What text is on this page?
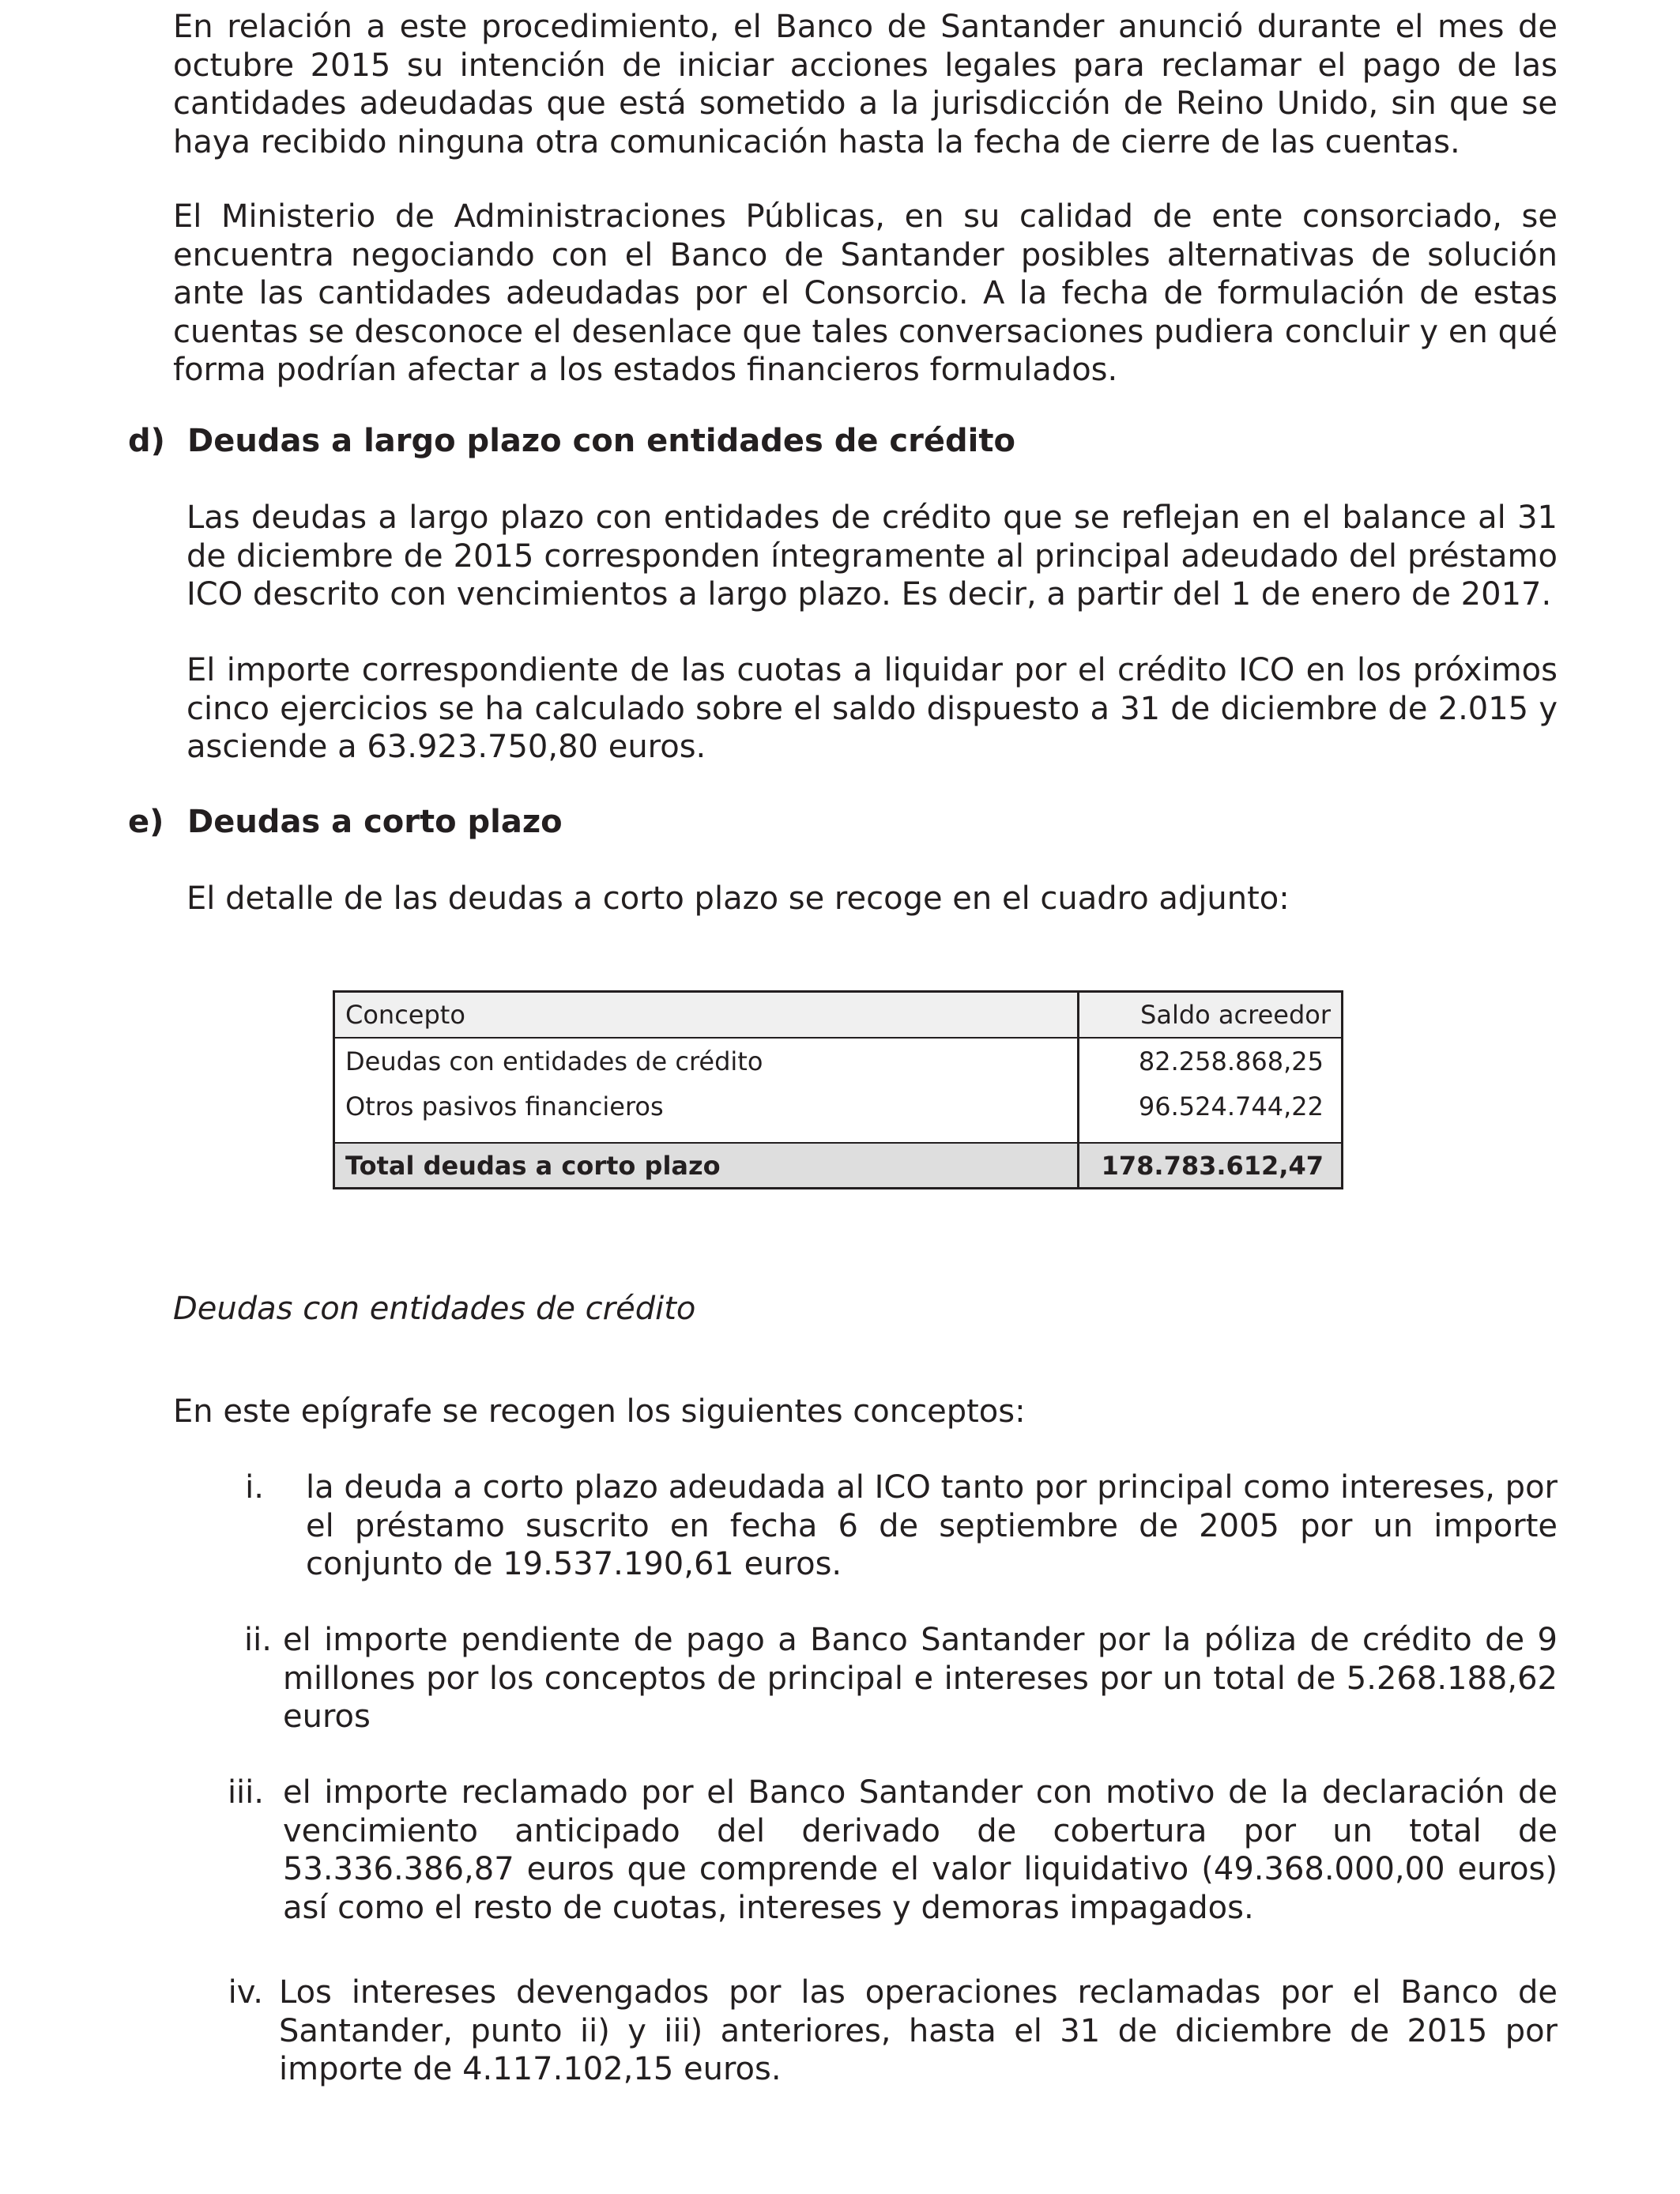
En relación a este procedimiento, el Banco de Santander anunció durante el mes de octubre 2015 su intención de iniciar acciones legales para reclamar el pago de las cantidades adeudadas que está sometido a la jurisdicción de Reino Unido, sin que se haya recibido ninguna otra comunicación hasta la fecha de cierre de las cuentas.

El Ministerio de Administraciones Públicas, en su calidad de ente consorciado, se encuentra negociando con el Banco de Santander posibles alternativas de solución ante las cantidades adeudadas por el Consorcio. A la fecha de formulación de estas cuentas se desconoce el desenlace que tales conversaciones pudiera concluir y en qué forma podrían afectar a los estados financieros formulados.

d) Deudas a largo plazo con entidades de crédito

Las deudas a largo plazo con entidades de crédito que se reflejan en el balance al 31 de diciembre de 2015 corresponden íntegramente al principal adeudado del préstamo ICO descrito con vencimientos a largo plazo. Es decir, a partir del 1 de enero de 2017.

El importe correspondiente de las cuotas a liquidar por el crédito ICO en los próximos cinco ejercicios se ha calculado sobre el saldo dispuesto a 31 de diciembre de 2.015 y asciende a 63.923.750,80 euros.

e) Deudas a corto plazo

El detalle de las deudas a corto plazo se recoge en el cuadro adjunto:

Concepto	Saldo acreedor
Deudas con entidades de crédito	82.258.868,25
Otros pasivos financieros	96.524.744,22
Total deudas a corto plazo	178.783.612,47

Deudas con entidades de crédito

En este epígrafe se recogen los siguientes conceptos:

i. la deuda a corto plazo adeudada al ICO tanto por principal como intereses, por el préstamo suscrito en fecha 6 de septiembre de 2005 por un importe conjunto de 19.537.190,61 euros.
ii. el importe pendiente de pago a Banco Santander por la póliza de crédito de 9 millones por los conceptos de principal e intereses por un total de 5.268.188,62 euros
iii. el importe reclamado por el Banco Santander con motivo de la declaración de vencimiento anticipado del derivado de cobertura por un total de 53.336.386,87 euros que comprende el valor liquidativo (49.368.000,00 euros) así como el resto de cuotas, intereses y demoras impagados.
iv. Los intereses devengados por las operaciones reclamadas por el Banco de Santander, punto ii) y iii) anteriores, hasta el 31 de diciembre de 2015 por importe de 4.117.102,15 euros.
